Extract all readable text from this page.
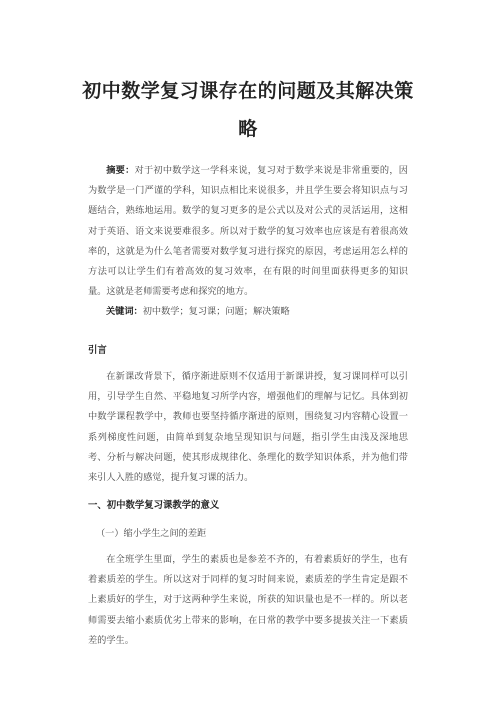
初中数学复习课存在的问题及其解决策
略

摘要：对于初中数学这一学科来说，复习对于数学来说是非常重要的，因为数学是一门严谨的学科，知识点相比来说很多，并且学生要会将知识点与习题结合，熟练地运用。数学的复习更多的是公式以及对公式的灵活运用，这相对于英语、语文来说要难很多。所以对于数学的复习效率也应该是有着很高效率的，这就是为什么笔者需要对数学复习进行探究的原因，考虑运用怎么样的方法可以让学生们有着高效的复习效率，在有限的时间里面获得更多的知识量。这就是老师需要考虑和探究的地方。

关键词：初中数学；复习课；问题；解决策略

引言

在新课改背景下，循序渐进原则不仅适用于新课讲授，复习课同样可以引用，引导学生自然、平稳地复习所学内容，增强他们的理解与记忆。具体到初中数学课程教学中，教师也要坚持循序渐进的原则，围绕复习内容精心设置一系列梯度性问题，由简单到复杂地呈现知识与问题，指引学生由浅及深地思考、分析与解决问题，使其形成规律化、条理化的数学知识体系，并为他们带来引人入胜的感觉，提升复习课的活力。

一、初中数学复习课教学的意义
（一）缩小学生之间的差距

在全班学生里面，学生的素质也是参差不齐的，有着素质好的学生，也有着素质差的学生。所以这对于同样的复习时间来说，素质差的学生肯定是跟不上素质好的学生，对于这两种学生来说，所获的知识量也是不一样的。所以老师需要去缩小素质优劣上带来的影响，在日常的教学中要多提拔关注一下素质差的学生。
